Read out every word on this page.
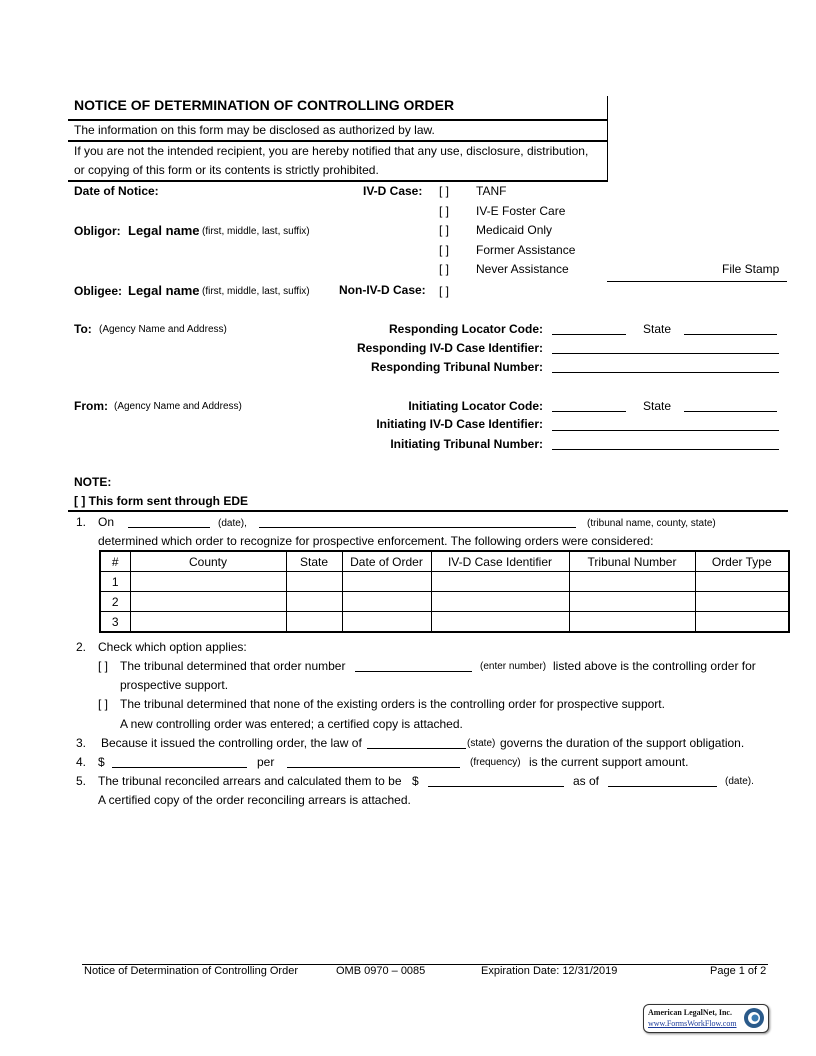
NOTICE OF DETERMINATION OF CONTROLLING ORDER
The information on this form may be disclosed as authorized by law.
If you are not the intended recipient, you are hereby notified that any use, disclosure, distribution,
or copying of this form or its contents is strictly prohibited.
Date of Notice:	IV-D Case: [ ] TANF
[ ] IV-E Foster Care
[ ] Medicaid Only
[ ] Former Assistance
[ ] Never Assistance	File Stamp
Obligor: Legal name (first, middle, last, suffix)
Obligee: Legal name (first, middle, last, suffix) Non-IV-D Case: [ ]
To: (Agency Name and Address)	Responding Locator Code:	State
Responding IV-D Case Identifier:
Responding Tribunal Number:
From: (Agency Name and Address)	Initiating Locator Code:	State
Initiating IV-D Case Identifier:
Initiating Tribunal Number:
NOTE:
[ ] This form sent through EDE
1. On	(date),	(tribunal name, county, state)
determined which order to recognize for prospective enforcement. The following orders were considered:
#	County	State	Date of Order	IV-D Case Identifier	Tribunal Number	Order Type
1						
2						
3						
2. Check which option applies:
[ ] The tribunal determined that order number	(enter number) listed above is the controlling order for
prospective support.
[ ] The tribunal determined that none of the existing orders is the controlling order for prospective support.
A new controlling order was entered; a certified copy is attached.
3. Because it issued the controlling order, the law of	(state) governs the duration of the support obligation.
4. $	per	(frequency) is the current support amount.
5. The tribunal reconciled arrears and calculated them to be $	as of	(date).
A certified copy of the order reconciling arrears is attached.
Notice of Determination of Controlling Order	OMB 0970 – 0085	Expiration Date: 12/31/2019	Page 1 of 2
American LegalNet, Inc.
www.FormsWorkFlow.com
